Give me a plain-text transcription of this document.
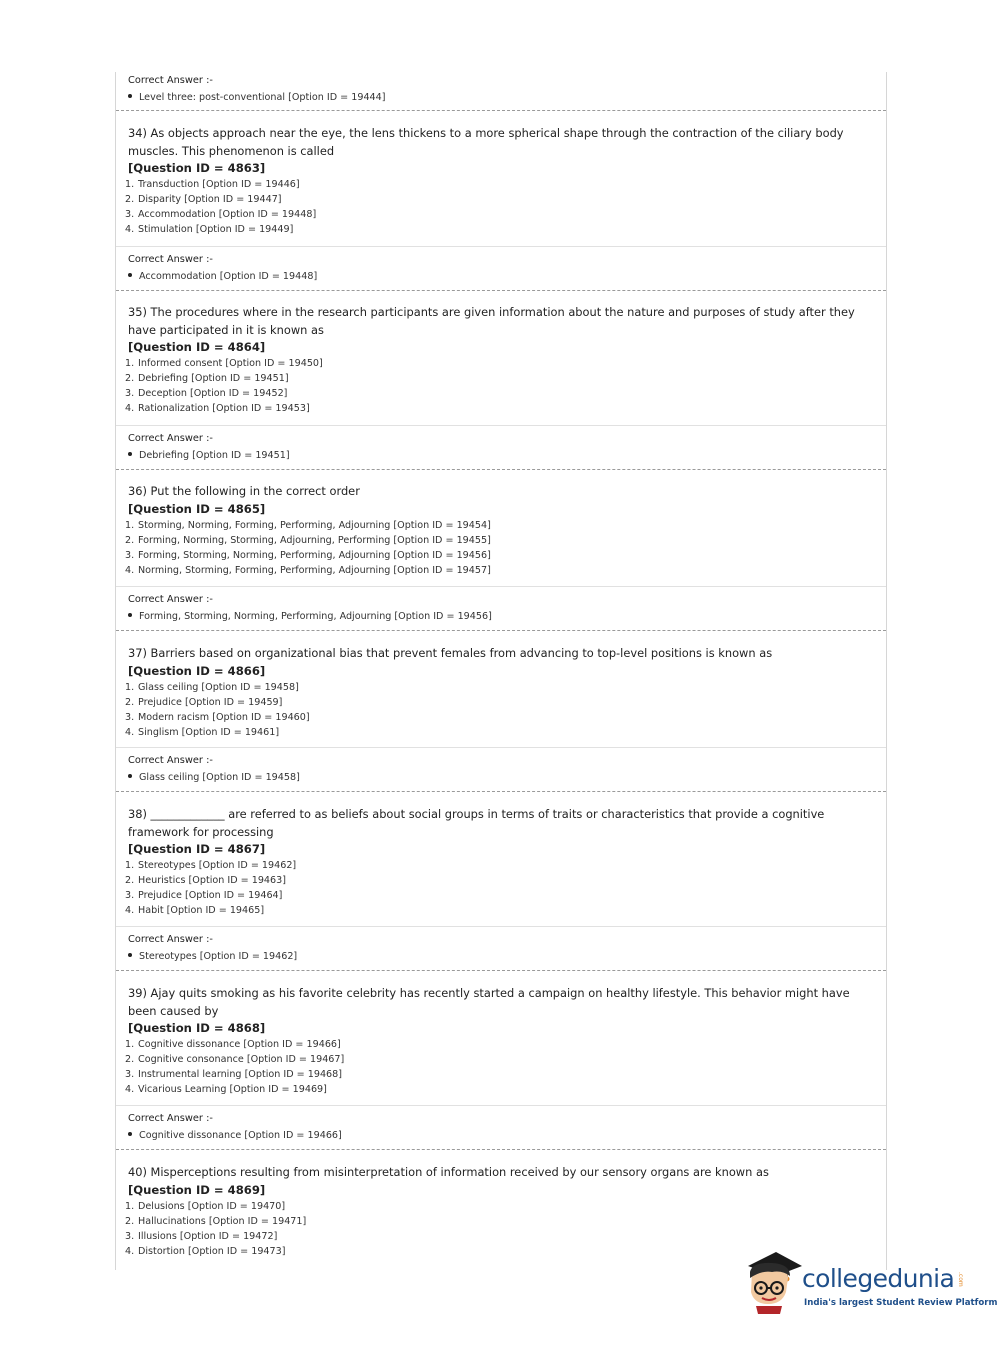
Correct Answer :-

Level three: post-conventional [Option ID = 19444]

34) As objects approach near the eye, the lens thickens to a more spherical shape through the contraction of the ciliary body muscles. This phenomenon is called

[Question ID = 4863]

1. Transduction [Option ID = 19446]
2. Disparity [Option ID = 19447]
3. Accommodation [Option ID = 19448]
4. Stimulation [Option ID = 19449]

Correct Answer :-

Accommodation [Option ID = 19448]

35) The procedures where in the research participants are given information about the nature and purposes of study after they have participated in it is known as

[Question ID = 4864]

1. Informed consent [Option ID = 19450]
2. Debriefing [Option ID = 19451]
3. Deception [Option ID = 19452]
4. Rationalization [Option ID = 19453]

Correct Answer :-

Debriefing [Option ID = 19451]

36) Put the following in the correct order

[Question ID = 4865]

1. Storming, Norming, Forming, Performing, Adjourning [Option ID = 19454]
2. Forming, Norming, Storming, Adjourning, Performing [Option ID = 19455]
3. Forming, Storming, Norming, Performing, Adjourning [Option ID = 19456]
4. Norming, Storming, Forming, Performing, Adjourning [Option ID = 19457]

Correct Answer :-

Forming, Storming, Norming, Performing, Adjourning [Option ID = 19456]

37) Barriers based on organizational bias that prevent females from advancing to top-level positions is known as

[Question ID = 4866]

1. Glass ceiling [Option ID = 19458]
2. Prejudice [Option ID = 19459]
3. Modern racism [Option ID = 19460]
4. Singlism [Option ID = 19461]

Correct Answer :-

Glass ceiling [Option ID = 19458]

38) _____________ are referred to as beliefs about social groups in terms of traits or characteristics that provide a cognitive framework for processing

[Question ID = 4867]

1. Stereotypes [Option ID = 19462]
2. Heuristics [Option ID = 19463]
3. Prejudice [Option ID = 19464]
4. Habit [Option ID = 19465]

Correct Answer :-

Stereotypes [Option ID = 19462]

39) Ajay quits smoking as his favorite celebrity has recently started a campaign on healthy lifestyle. This behavior might have been caused by

[Question ID = 4868]

1. Cognitive dissonance [Option ID = 19466]
2. Cognitive consonance [Option ID = 19467]
3. Instrumental learning [Option ID = 19468]
4. Vicarious Learning [Option ID = 19469]

Correct Answer :-

Cognitive dissonance [Option ID = 19466]

40) Misperceptions resulting from misinterpretation of information received by our sensory organs are known as

[Question ID = 4869]

1. Delusions [Option ID = 19470]
2. Hallucinations [Option ID = 19471]
3. Illusions [Option ID = 19472]
4. Distortion [Option ID = 19473]
collegedunia .com
India's largest Student Review Platform
